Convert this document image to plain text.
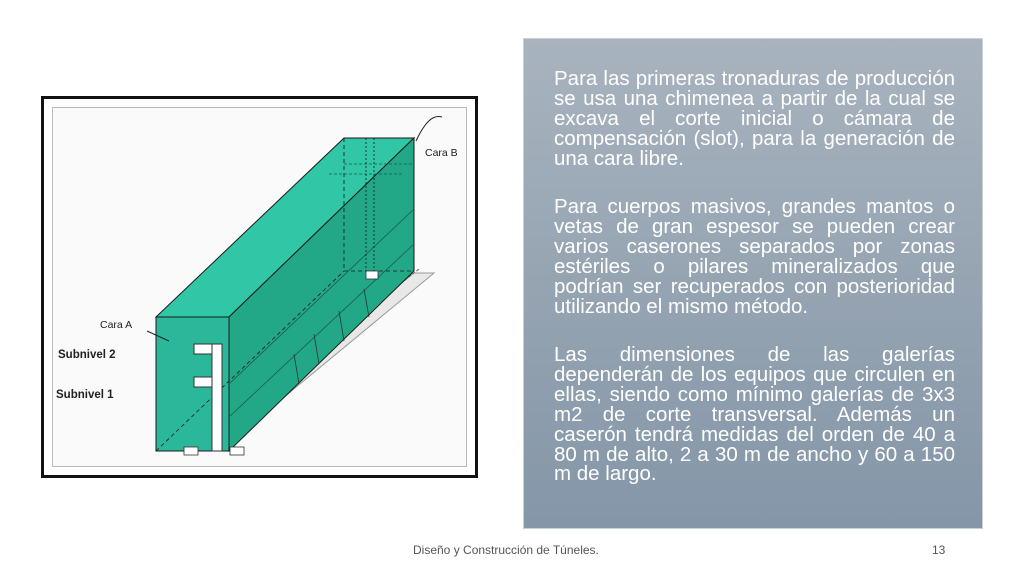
Cara B
Cara A
Subnivel 2
Subnivel 1

Para las primeras tronaduras de producción se usa una chimenea a partir de la cual se excava el corte inicial o cámara de compensación (slot), para la generación de una cara libre.

Para cuerpos masivos, grandes mantos o vetas de gran espesor se pueden crear varios caserones separados por zonas estériles o pilares mineralizados que podrían ser recuperados con posterioridad utilizando el mismo método.

Las dimensiones de las galerías dependerán de los equipos que circulen en ellas, siendo como mínimo galerías de 3x3 m2 de corte transversal. Además un caserón tendrá medidas del orden de 40 a 80 m de alto, 2 a 30 m de ancho y 60 a 150 m de largo.

Diseño y Construcción de Túneles.	13
